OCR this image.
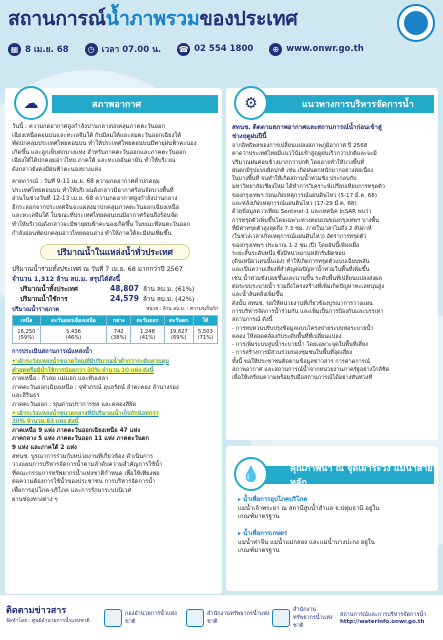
สถานการณ์น้ำภาพรวมของประเทศ
▦ 8 เม.ย. 68	◷ เวลา 07.00 น. ☎ 02 554 1800	⊕ www.onwr.go.th
สภาพอากาศ
☁
วันนี้ : ความกดอากาศสูงกำลังปานกลางปกคลุมภาคตะวันออก
เฉียงเหนือตอนบนและทะเลจีนใต้ กับมีลมใต้และลมตะวันออกเฉียงใต้
พัดปกคลุมประเทศไทยตอนบน ทำให้ประเทศไทยตอนบนมีพายุฝนฟ้าคะนอง
เกิดขึ้น และลูกเห็บตกบางแห่ง สำหรับภาคตะวันออกและภาคตะวันออก
เฉียงใต้ได้ปกคลุมอ่าวไทย ภาคใต้ และทะเลอันดามัน ทำให้บริเวณ
ดังกล่าวยังคงมีฝนฟ้าคะนองบางแห่ง
คาดการณ์ : วันที่ 9-11 เม.ย. 68 ความกดอากาศต่ำปกคลุม
ประเทศไทยตอนบน ทำให้บริเวณดังกล่าวมีอากาศร้อนจัดบางพื้นที่
ส่วนในช่วงวันที่ 12-13 เม.ย. 68 ความกดอากาศสูงกำลังปานกลาง
อีกระลอกจากประเทศจีนจะแผ่ลงมาปกคลุมภาคตะวันออกเฉียงเหนือ
และทะเลจีนใต้ ในขณะที่ประเทศไทยตอนบนมีอากาศร้อนถึงร้อนจัด
ทำให้บริเวณดังกล่าวจะมีพายุฝนฟ้าคะนองเกิดขึ้น ในขณะที่ลมตะวันออก
กำลังอ่อนพัดปกคลุมอ่าวไทยตอนล่าง ทำให้ภาคใต้จะมีฝนเพิ่มขึ้น
ปริมาณน้ำในแหล่งน้ำทั่วประเทศ
ปริมาณน้ำรวมทั้งประเทศ ณ วันที่ 7 เม.ย. 68 มากกว่าปี 2567
จำนวน 1,312 ล้าน ลบ.ม. สรุปได้ดังนี้
ปริมาณน้ำทั้งประเทศ	48,807 ล้าน ลบ.ม. (61%)
ปริมาณน้ำใช้การ	24,579 ล้าน ลบ.ม. (42%)
ปริมาณน้ำรายภาค	หน่วย : ล้าน ลบ.ม. : ความจุเก็บกัก
เหนือ	ตะวันออกเฉียงเหนือ	กลาง	ตะวันออก	ตะวันตก	ใต้
16,250
(59%)	5,436
(46%)	742
(38%)	1,248
(41%)	19,627
(69%)	5,503
(71%)
การประเมินสถานการณ์แหล่งน้ำ
• เฝ้าระวังแหล่งน้ำขนาดใหญ่ที่มีปริมาณน้ำต่ำกว่าระดับควบคุม
ต่ำสุดหรือมีน้ำใช้การน้อยกว่า 30% จำนวน 10 แห่ง ดังนี้
ภาคเหนือ : กิ่วลม แม่มอก และทับเสลา
ภาคตะวันออกเฉียงเหนือ : จุฬาภรณ์ อุบลรัตน์ ลำตะคอง ลำนางรอง
และสิรินธร
ภาคตะวันออก : ขุนด่านปราการชล และคลองสียัด
• เฝ้าระวังแหล่งน้ำขนาดกลางที่มีปริมาณน้ำเก็บกักน้อยกว่า
30% จำนวน 83 แห่ง ดังนี้
ภาคเหนือ 9 แห่ง ภาคตะวันออกเฉียงเหนือ 47 แห่ง
ภาคกลาง 5 แห่ง ภาคตะวันออก 11 แห่ง ภาคตะวันตก
9 แห่ง และภาคใต้ 2 แห่ง
สทนช. บูรณาการร่วมกับหน่วยงานที่เกี่ยวข้อง ดำเนินการ
วางแผนการบริหารจัดการน้ำตามลำดับความสำคัญการใช้น้ำ
ที่คณะกรรมการทรัพยากรน้ำแห่งชาติกำหนด เพื่อให้เพียงพอ
ต่อความต้องการใช้น้ำของประชาชน การบริหารจัดการน้ำ
เพื่อการอุปโภค-บริโภค และการรักษาระบบนิเวศ
ผ่านช่องทางต่าง ๆ
แนวทางการบริหารจัดการน้ำ
⚙
สทนช. ติดตามสภาพอากาศและสถานการณ์น้ำก่อนเข้าสู่
ช่วงฤดูฝนปีนี้
จากอิทธิพลของการเปลี่ยนแปลงสภาพภูมิอากาศ ปี 2568
คาดว่าประเทศไทยมีแนวโน้มเข้าสู่ฤดูฝนเร็วกว่าปกติและจะมี
ปริมาณฝนค่อนข้างมากกว่าปกติ โดยอาจทำให้บางพื้นที่
ฝนตกมีรูปแบบผิดปกติ เช่น เกิดฝนตกหนักมากอย่างต่อเนื่อง
ในบางพื้นที่ จนทำให้เกิดสถานน้ำท่วมขัง ประกอบกับ
มหาวิทยาลัยเชียงใหม่ ได้ทำการวิเคราะห์เปรียบเทียบการทรุดตัว
ของกรุงเทพฯ ก่อนเกิดเหตุการณ์แผ่นดินไหว (5-17 มี.ค. 68)
และหลังเกิดเหตุการณ์แผ่นดินไหว (17-29 มี.ค. 68)
ด้วยข้อมูลดาวเทียม Sentinel-1 และเทคนิค InSAR พบว่า
การทรุดตัวเพิ่มขึ้นโดยเฉพาะทางตอนบนของกรุงเทพฯ บางพื้น
ที่มีค่าทรุดตัวสูงสุดถึง 7.3 ซม. ภายในเวลาไม่ถึง 2 สัปดาห์
(ในช่วงเวลาเกิดเหตุการณ์แผ่นดินไหว) อัตราการทรุดตัว
ของกรุงเทพฯ ประมาณ 1-2 ซม./ปี) โดยอันนี้เพียงเผื่อ
ระยะสั้นระดับหนึ่ง ซึ่งมีหน่วยงานหลักรับผิดชอบ
(ดินเหนียวเด่นนั้นเอง) ทำให้เกิดการทรุดตัวแบบเฉียบพลัน
และเป็นความเสี่ยงที่สำคัญต่อปัญหาน้ำท่วมในพื้นที่เพิ่มขึ้น
เช่น น้ำท่วมขังบ่อยขึ้นและนานขึ้น ระดับพื้นที่เปลี่ยนแปลงส่งผล
ต่อระบบระบายน้ำ รวมถึงโครงสร้างที่เพิ่มเกิดปัญหาทะเลหนุนสูง
และน้ำล้นตลิ่งเพิ่มขึ้น
ดังนั้น สทนช. ขอให้หน่วยงานที่เกี่ยวข้องบูรณาการวางแผน
การบริหารจัดการน้ำร่วมกัน และเพิ่มเป็นการป้องกันและบรรเทา
สถานการณ์ ดังนี้
- การทบทวนปรับปรุงข้อมูลแบบโครงข่ายระบบท่อระบายน้ำ
คลอง ให้สอดคล้องกับระดับพื้นที่ที่เปลี่ยนแปลง
- การเพิ่มระบบสูบน้ำระบายน้ำ โดยเฉพาะจุดในพื้นที่เสี่ยง
- การสร้างการมีส่วนร่วมของชุมชนในพื้นที่จุดเสี่ยง
ทั้งนี้ ขอให้ประชาชนติดตามข้อมูลข่าวสาร การคาดการณ์
สภาพอากาศ และสถานการณ์น้ำจากหน่วยงานภาครัฐอย่างใกล้ชิด
เพื่อให้เตรียมความพร้อมรับมือสถานการณ์ได้อย่างทันท่วงที
คุณภาพน้ำ ณ จุดเฝ้าระวัง แม่น้ำสายหลัก
💧
▸ น้ำเพื่อการอุปโภคบริโภค
แม่น้ำเจ้าพระยา ณ สถานีสูบน้ำสำแล จ.ปทุมธานี อยู่ใน
เกณฑ์มาตรฐาน
▸ น้ำเพื่อการเกษตร
แม่น้ำท่าจีน แม่น้ำแม่กลอง และแม่น้ำบางปะกง อยู่ใน
เกณฑ์มาตรฐาน
ติดตามข่าวสาร
จัดทำโดย : ศูนย์อำนวยการน้ำแห่งชาติ
กองอำนวยการน้ำแห่งชาติ
สำนักงานทรัพยากรน้ำแห่งชาติ
สำนักงานทรัพยากรน้ำแห่งชาติ
สถานการณ์และการบริหารจัดการน้ำ
http://waterinfo.onwr.go.th
